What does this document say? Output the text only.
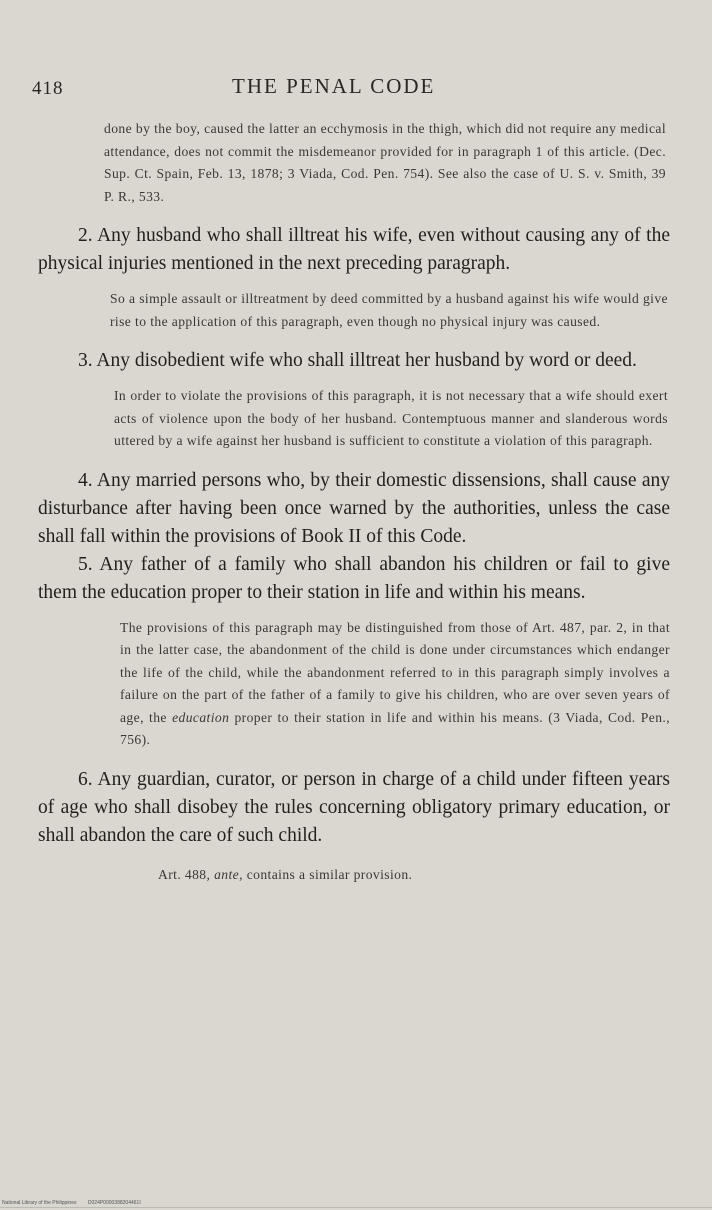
418	THE PENAL CODE

done by the boy, caused the latter an ecchymosis in the thigh, which did not require any medical attendance, does not commit the misdemeanor provided for in paragraph 1 of this article. (Dec. Sup. Ct. Spain, Feb. 13, 1878; 3 Viada, Cod. Pen. 754). See also the case of U. S. v. Smith, 39 P. R., 533.

2. Any husband who shall illtreat his wife, even without causing any of the physical injuries mentioned in the next preceding paragraph.

So a simple assault or illtreatment by deed committed by a husband against his wife would give rise to the application of this paragraph, even though no physical injury was caused.

3. Any disobedient wife who shall illtreat her husband by word or deed.

In order to violate the provisions of this paragraph, it is not necessary that a wife should exert acts of violence upon the body of her husband. Contemptuous manner and slanderous words uttered by a wife against her husband is sufficient to constitute a violation of this paragraph.

4. Any married persons who, by their domestic dissensions, shall cause any disturbance after having been once warned by the authorities, unless the case shall fall within the provisions of Book II of this Code.

5. Any father of a family who shall abandon his children or fail to give them the education proper to their station in life and within his means.

The provisions of this paragraph may be distinguished from those of Art. 487, par. 2, in that in the latter case, the abandonment of the child is done under circumstances which endanger the life of the child, while the abandonment referred to in this paragraph simply involves a failure on the part of the father of a family to give his children, who are over seven years of age, the education proper to their station in life and within his means. (3 Viada, Cod. Pen., 756).

6. Any guardian, curator, or person in charge of a child under fifteen years of age who shall disobey the rules concerning obligatory primary education, or shall abandon the care of such child.

Art. 488, ante, contains a similar provision.

National Library of the Philippines D024P0000388204461I
